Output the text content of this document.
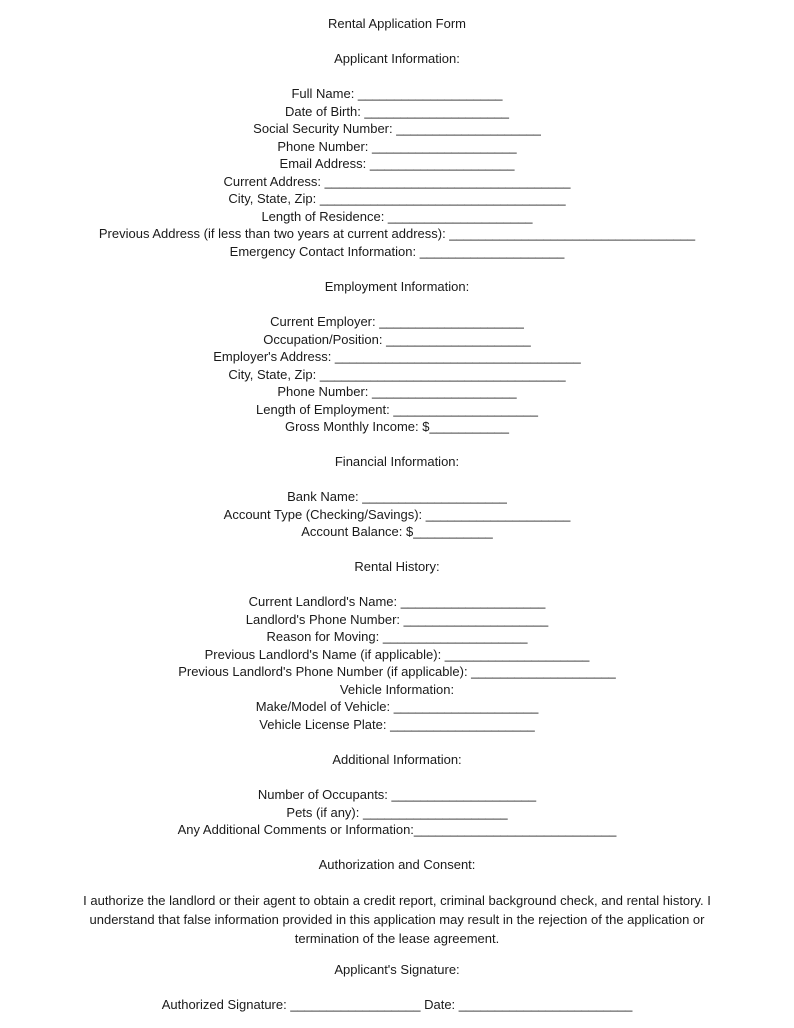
Rental Application Form
Applicant Information:
Full Name: ____________________
Date of Birth: ____________________
Social Security Number: ____________________
Phone Number: ____________________
Email Address: ____________________
Current Address: __________________________________
City, State, Zip: __________________________________
Length of Residence: ____________________
Previous Address (if less than two years at current address): __________________________________
Emergency Contact Information: ____________________
Employment Information:
Current Employer: ____________________
Occupation/Position: ____________________
Employer's Address: __________________________________
City, State, Zip: __________________________________
Phone Number: ____________________
Length of Employment: ____________________
Gross Monthly Income: $___________
Financial Information:
Bank Name: ____________________
Account Type (Checking/Savings): ____________________
Account Balance: $___________
Rental History:
Current Landlord's Name: ____________________
Landlord's Phone Number: ____________________
Reason for Moving: ____________________
Previous Landlord's Name (if applicable): ____________________
Previous Landlord's Phone Number (if applicable): ____________________
Vehicle Information:
Make/Model of Vehicle: ____________________
Vehicle License Plate: ____________________
Additional Information:
Number of Occupants: ____________________
Pets (if any): ____________________
Any Additional Comments or Information:____________________________
Authorization and Consent:
I authorize the landlord or their agent to obtain a credit report, criminal background check, and rental history. I understand that false information provided in this application may result in the rejection of the application or termination of the lease agreement.
Applicant's Signature:
Authorized Signature: __________________ Date: ________________________
